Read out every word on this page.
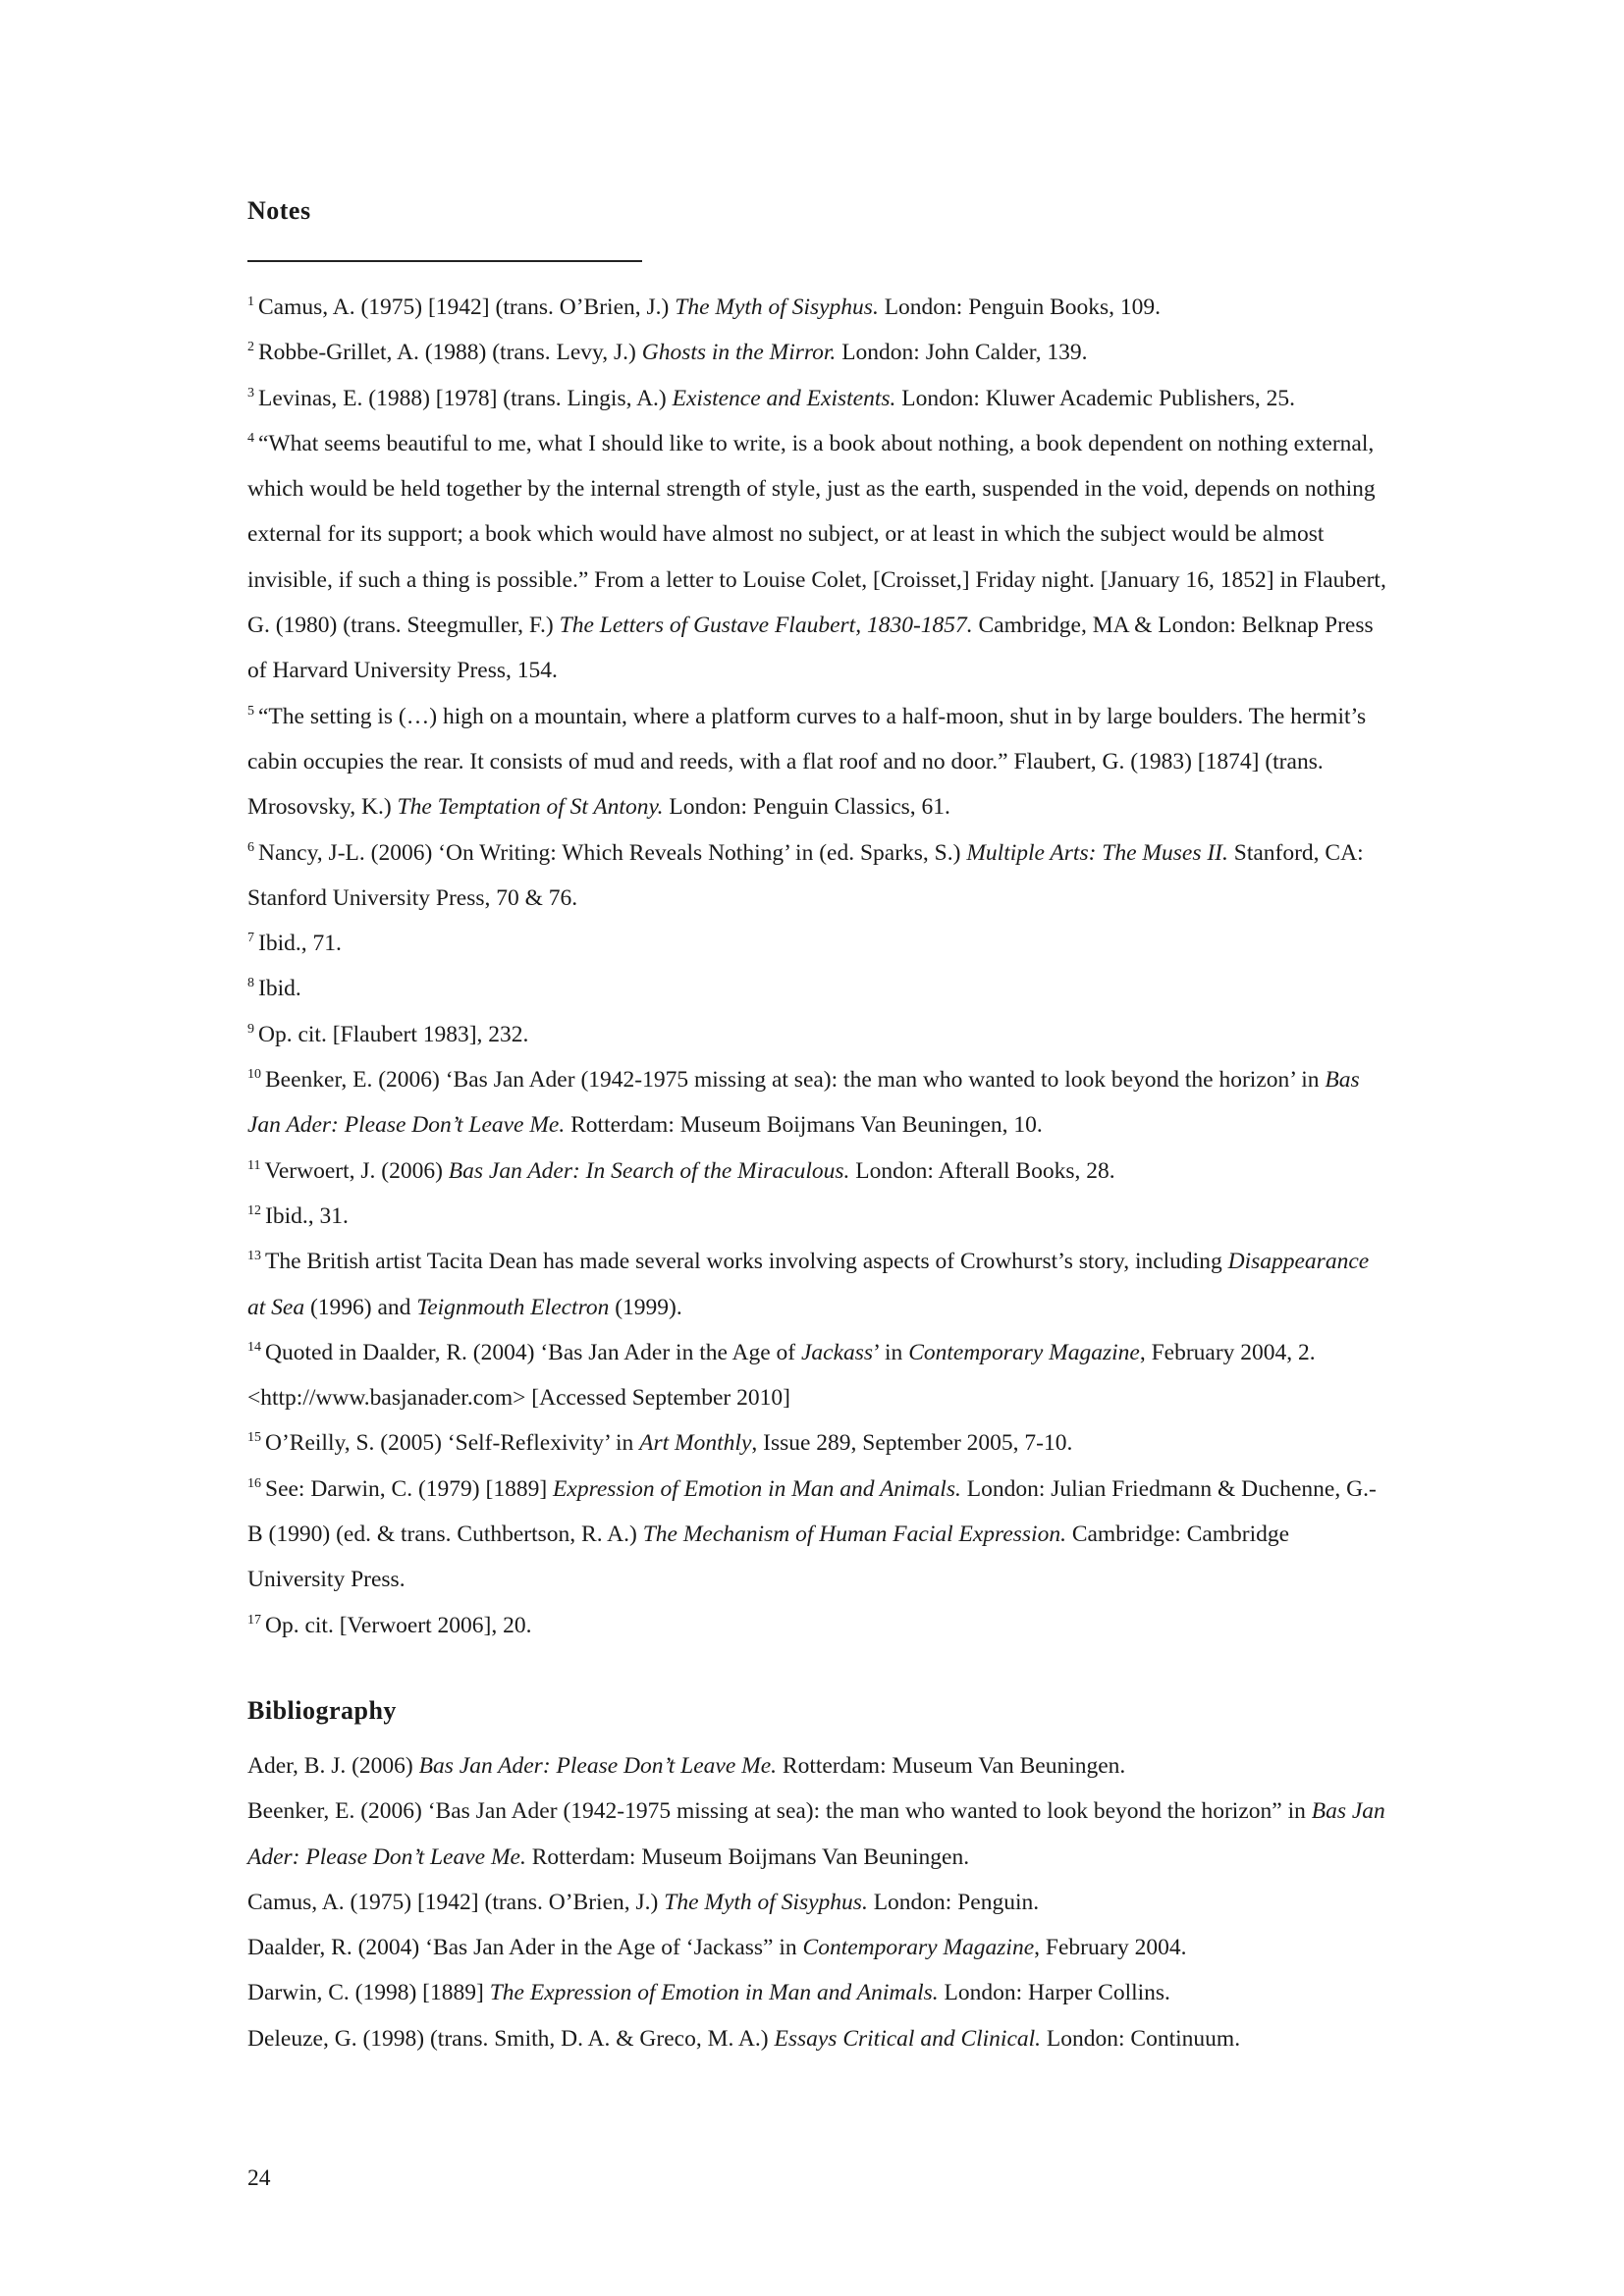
Notes

$^1$ Camus, A. (1975) [1942] (trans. O’Brien, J.) The Myth of Sisyphus. London: Penguin Books, 109.

$^2$ Robbe-Grillet, A. (1988) (trans. Levy, J.) Ghosts in the Mirror. London: John Calder, 139.

$^3$ Levinas, E. (1988) [1978] (trans. Lingis, A.) Existence and Existents. London: Kluwer Academic Publishers, 25.

$^4$ “What seems beautiful to me, what I should like to write, is a book about nothing, a book dependent on nothing external, which would be held together by the internal strength of style, just as the earth, suspended in the void, depends on nothing external for its support; a book which would have almost no subject, or at least in which the subject would be almost invisible, if such a thing is possible.” From a letter to Louise Colet, [Croisset,] Friday night. [January 16, 1852] in Flaubert, G. (1980) (trans. Steegmuller, F.) The Letters of Gustave Flaubert, 1830-1857. Cambridge, MA & London: Belknap Press of Harvard University Press, 154.

$^5$ “The setting is (…) high on a mountain, where a platform curves to a half-moon, shut in by large boulders. The hermit’s cabin occupies the rear. It consists of mud and reeds, with a flat roof and no door.” Flaubert, G. (1983) [1874] (trans. Mrosovsky, K.) The Temptation of St Antony. London: Penguin Classics, 61.

$^6$ Nancy, J-L. (2006) ‘On Writing: Which Reveals Nothing’ in (ed. Sparks, S.) Multiple Arts: The Muses II. Stanford, CA: Stanford University Press, 70 & 76.

$^7$ Ibid., 71.

$^8$ Ibid.

$^9$ Op. cit. [Flaubert 1983], 232.

$^{10}$ Beenker, E. (2006) ‘Bas Jan Ader (1942-1975 missing at sea): the man who wanted to look beyond the horizon’ in Bas Jan Ader: Please Don’t Leave Me. Rotterdam: Museum Boijmans Van Beuningen, 10.

$^{11}$ Verwoert, J. (2006) Bas Jan Ader: In Search of the Miraculous. London: Afterall Books, 28.

$^{12}$ Ibid., 31.

$^{13}$ The British artist Tacita Dean has made several works involving aspects of Crowhurst’s story, including Disappearance at Sea (1996) and Teignmouth Electron (1999).

$^{14}$ Quoted in Daalder, R. (2004) ‘Bas Jan Ader in the Age of Jackass’ in Contemporary Magazine, February 2004, 2. <http://www.basjanader.com> [Accessed September 2010]

$^{15}$ O’Reilly, S. (2005) ‘Self-Reflexivity’ in Art Monthly, Issue 289, September 2005, 7-10.

$^{16}$ See: Darwin, C. (1979) [1889] Expression of Emotion in Man and Animals. London: Julian Friedmann & Duchenne, G.-B (1990) (ed. & trans. Cuthbertson, R. A.) The Mechanism of Human Facial Expression. Cambridge: Cambridge University Press.

$^{17}$ Op. cit. [Verwoert 2006], 20.

Bibliography

Ader, B. J. (2006) Bas Jan Ader: Please Don’t Leave Me. Rotterdam: Museum Van Beuningen.

Beenker, E. (2006) ‘Bas Jan Ader (1942-1975 missing at sea): the man who wanted to look beyond the horizon” in Bas Jan Ader: Please Don’t Leave Me. Rotterdam: Museum Boijmans Van Beuningen.

Camus, A. (1975) [1942] (trans. O’Brien, J.) The Myth of Sisyphus. London: Penguin.

Daalder, R. (2004) ‘Bas Jan Ader in the Age of ‘Jackass” in Contemporary Magazine, February 2004.

Darwin, C. (1998) [1889] The Expression of Emotion in Man and Animals. London: Harper Collins.

Deleuze, G. (1998) (trans. Smith, D. A. & Greco, M. A.) Essays Critical and Clinical. London: Continuum.

24
